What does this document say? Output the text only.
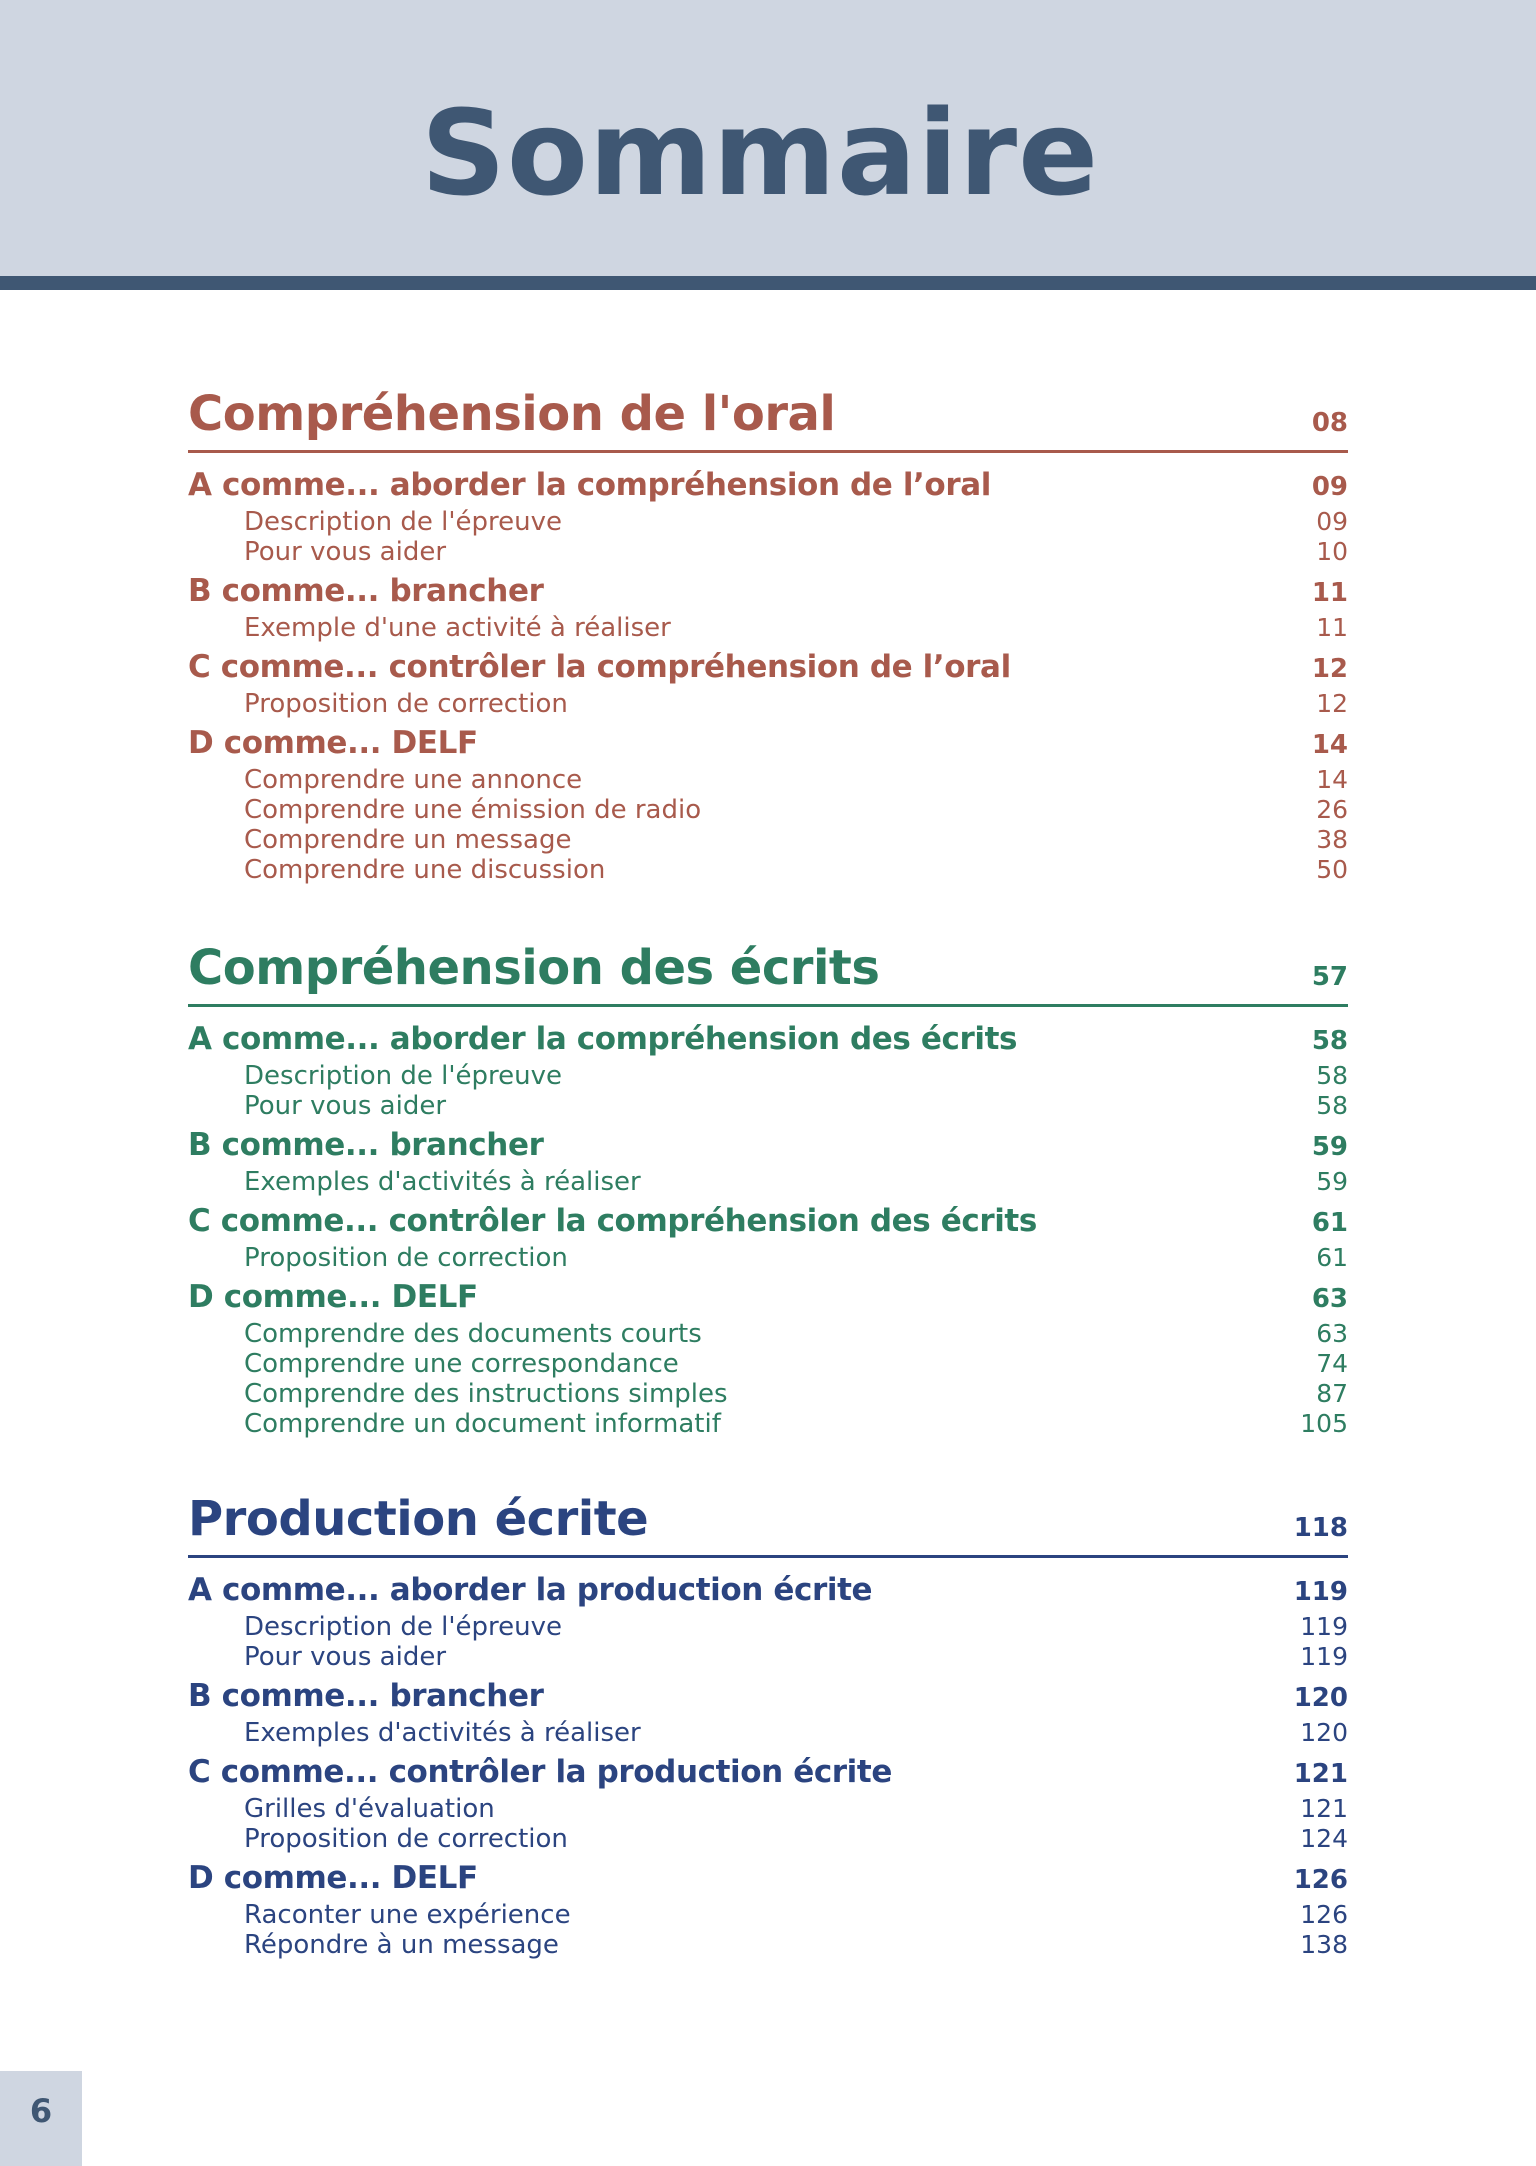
Sommaire
Compréhension de l'oral	08
A comme... aborder la compréhension de l’oral	09
Description de l'épreuve	09
Pour vous aider	10
B comme... brancher	11
Exemple d'une activité à réaliser	11
C comme... contrôler la compréhension de l’oral	12
Proposition de correction	12
D comme... DELF	14
Comprendre une annonce	14
Comprendre une émission de radio	26
Comprendre un message	38
Comprendre une discussion	50
Compréhension des écrits	57
A comme... aborder la compréhension des écrits	58
Description de l'épreuve	58
Pour vous aider	58
B comme... brancher	59
Exemples d'activités à réaliser	59
C comme... contrôler la compréhension des écrits	61
Proposition de correction	61
D comme... DELF	63
Comprendre des documents courts	63
Comprendre une correspondance	74
Comprendre des instructions simples	87
Comprendre un document informatif	105
Production écrite	118
A comme... aborder la production écrite	119
Description de l'épreuve	119
Pour vous aider	119
B comme... brancher	120
Exemples d'activités à réaliser	120
C comme... contrôler la production écrite	121
Grilles d'évaluation	121
Proposition de correction	124
D comme... DELF	126
Raconter une expérience	126
Répondre à un message	138
6
